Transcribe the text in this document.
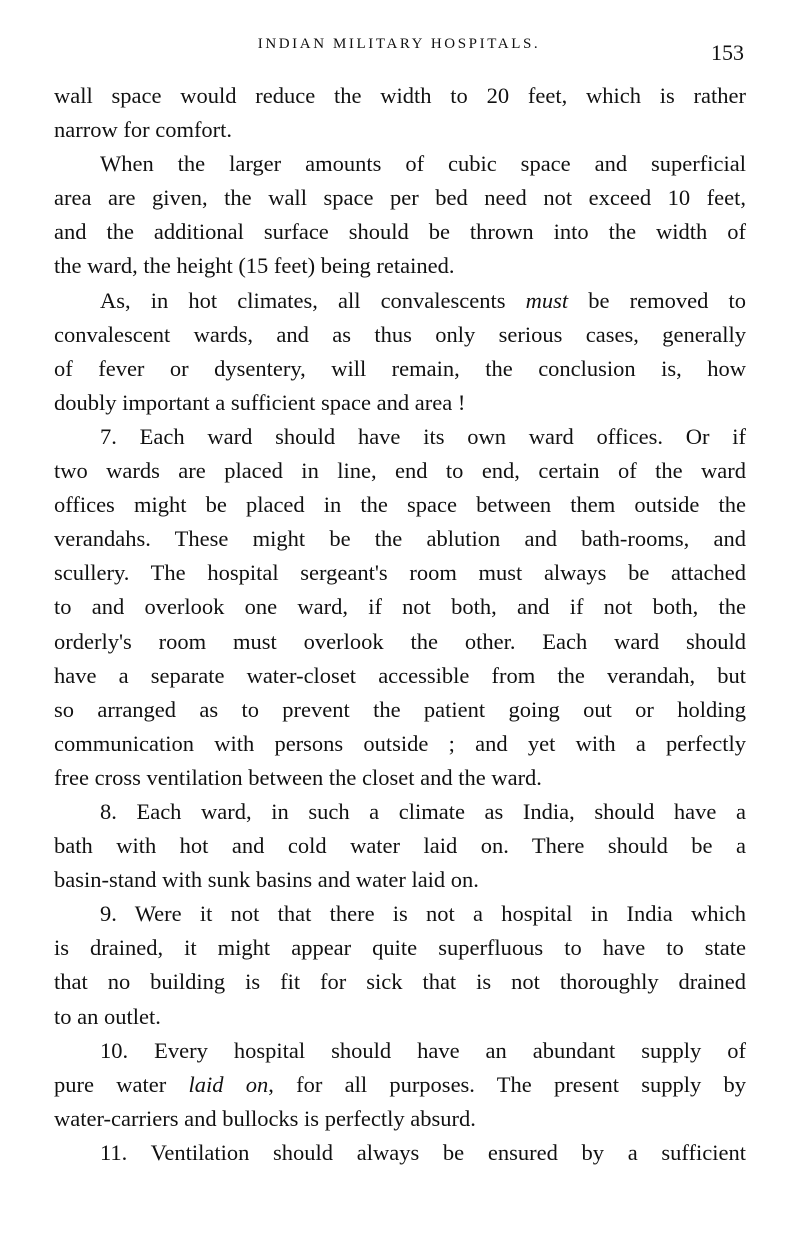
INDIAN MILITARY HOSPITALS.	153
wall space would reduce the width to 20 feet, which is rather
narrow for comfort.
When the larger amounts of cubic space and superficial
area are given, the wall space per bed need not exceed 10 feet,
and the additional surface should be thrown into the width of
the ward, the height (15 feet) being retained.
As, in hot climates, all convalescents must be removed to
convalescent wards, and as thus only serious cases, generally
of fever or dysentery, will remain, the conclusion is, how
doubly important a sufficient space and area !
7. Each ward should have its own ward offices. Or if
two wards are placed in line, end to end, certain of the ward
offices might be placed in the space between them outside the
verandahs. These might be the ablution and bath-rooms, and
scullery. The hospital sergeant's room must always be attached
to and overlook one ward, if not both, and if not both, the
orderly's room must overlook the other. Each ward should
have a separate water-closet accessible from the verandah, but
so arranged as to prevent the patient going out or holding
communication with persons outside ; and yet with a perfectly
free cross ventilation between the closet and the ward.
8. Each ward, in such a climate as India, should have a
bath with hot and cold water laid on. There should be a
basin-stand with sunk basins and water laid on.
9. Were it not that there is not a hospital in India which
is drained, it might appear quite superfluous to have to state
that no building is fit for sick that is not thoroughly drained
to an outlet.
10. Every hospital should have an abundant supply of
pure water laid on, for all purposes. The present supply by
water-carriers and bullocks is perfectly absurd.
11. Ventilation should always be ensured by a sufficient
